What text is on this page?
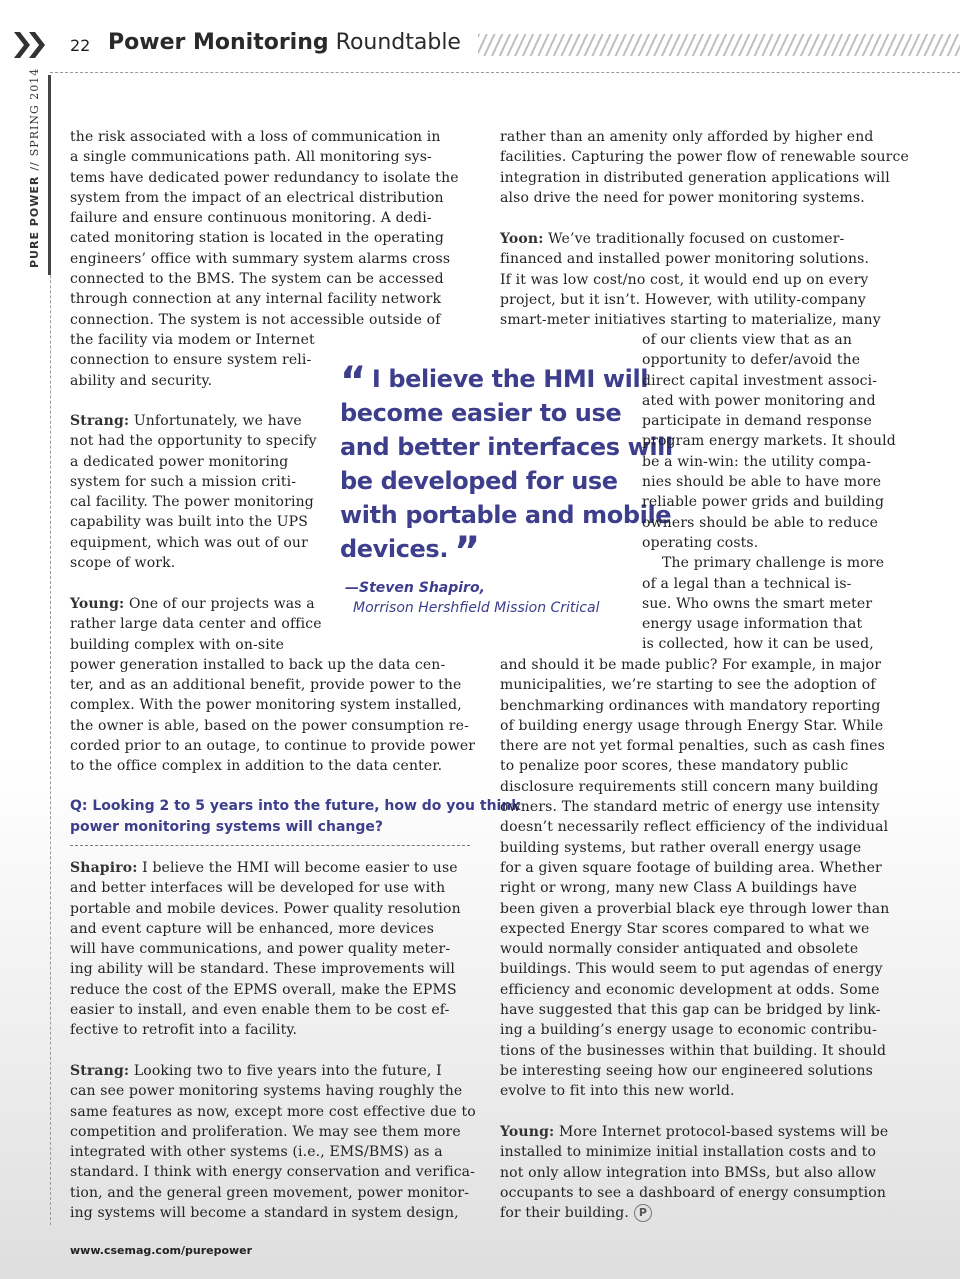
22 Power Monitoring Roundtable
PURE POWER//SPRING 2014 the risk associated with a loss of communication in
a single communications path. All monitoring sys-
tems have dedicated power redundancy to isolate the
system from the impact of an electrical distribution
failure and ensure continuous monitoring. A dedi-
cated monitoring station is located in the operating
engineers’ office with summary system alarms cross
connected to the BMS. The system can be accessed
through connection at any internal facility network
connection. The system is not accessible outside of
the facility via modem or Internet
connection to ensure system reli-
ability and security.
Strang: Unfortunately, we have
not had the opportunity to specify
a dedicated power monitoring
system for such a mission criti-
cal facility. The power monitoring
capability was built into the UPS
equipment, which was out of our
scope of work.
Young: One of our projects was a
rather large data center and office
building complex with on-site
power generation installed to back up the data cen-
ter, and as an additional benefit, provide power to the
complex. With the power monitoring system installed,
the owner is able, based on the power consumption re-
corded prior to an outage, to continue to provide power
to the office complex in addition to the data center.
Q: Looking 2 to 5 years into the future, how do you think
power monitoring systems will change?
Shapiro: I believe the HMI will become easier to use
and better interfaces will be developed for use with
portable and mobile devices. Power quality resolution
and event capture will be enhanced, more devices
will have communications, and power quality meter-
ing ability will be standard. These improvements will
reduce the cost of the EPMS overall, make the EPMS
easier to install, and even enable them to be cost ef-
fective to retrofit into a facility.
Strang: Looking two to five years into the future, I
can see power monitoring systems having roughly the
same features as now, except more cost effective due to
competition and proliferation. We may see them more
integrated with other systems (i.e., EMS/BMS) as a
standard. I think with energy conservation and verifica-
tion, and the general green movement, power monitor-
ing systems will become a standard in system design,
“ I believe the HMI will
become easier to use
and better interfaces will
be developed for use
with portable and mobile
devices. ”
—Steven Shapiro,
Morrison Hershfield Mission Critical
rather than an amenity only afforded by higher end
facilities. Capturing the power flow of renewable source
integration in distributed generation applications will
also drive the need for power monitoring systems.
Yoon: We’ve traditionally focused on customer-
financed and installed power monitoring solutions.
If it was low cost/no cost, it would end up on every
project, but it isn’t. However, with utility-company
smart-meter initiatives starting to materialize, many
of our clients view that as an
opportunity to defer/avoid the
direct capital investment associ-
ated with power monitoring and
participate in demand response
program energy markets. It should
be a win-win: the utility compa-
nies should be able to have more
reliable power grids and building
owners should be able to reduce
operating costs.
The primary challenge is more
of a legal than a technical is-
sue. Who owns the smart meter
energy usage information that
is collected, how it can be used,
and should it be made public? For example, in major
municipalities, we’re starting to see the adoption of
benchmarking ordinances with mandatory reporting
of building energy usage through Energy Star. While
there are not yet formal penalties, such as cash fines
to penalize poor scores, these mandatory public
disclosure requirements still concern many building
owners. The standard metric of energy use intensity
doesn’t necessarily reflect efficiency of the individual
building systems, but rather overall energy usage
for a given square footage of building area. Whether
right or wrong, many new Class A buildings have
been given a proverbial black eye through lower than
expected Energy Star scores compared to what we
would normally consider antiquated and obsolete
buildings. This would seem to put agendas of energy
efficiency and economic development at odds. Some
have suggested that this gap can be bridged by link-
ing a building’s energy usage to economic contribu-
tions of the businesses within that building. It should
be interesting seeing how our engineered solutions
evolve to fit into this new world.
Young: More Internet protocol-based systems will be
installed to minimize initial installation costs and to
not only allow integration into BMSs, but also allow
occupants to see a dashboard of energy consumption
for their building. P
www.csemag.com/purepower
